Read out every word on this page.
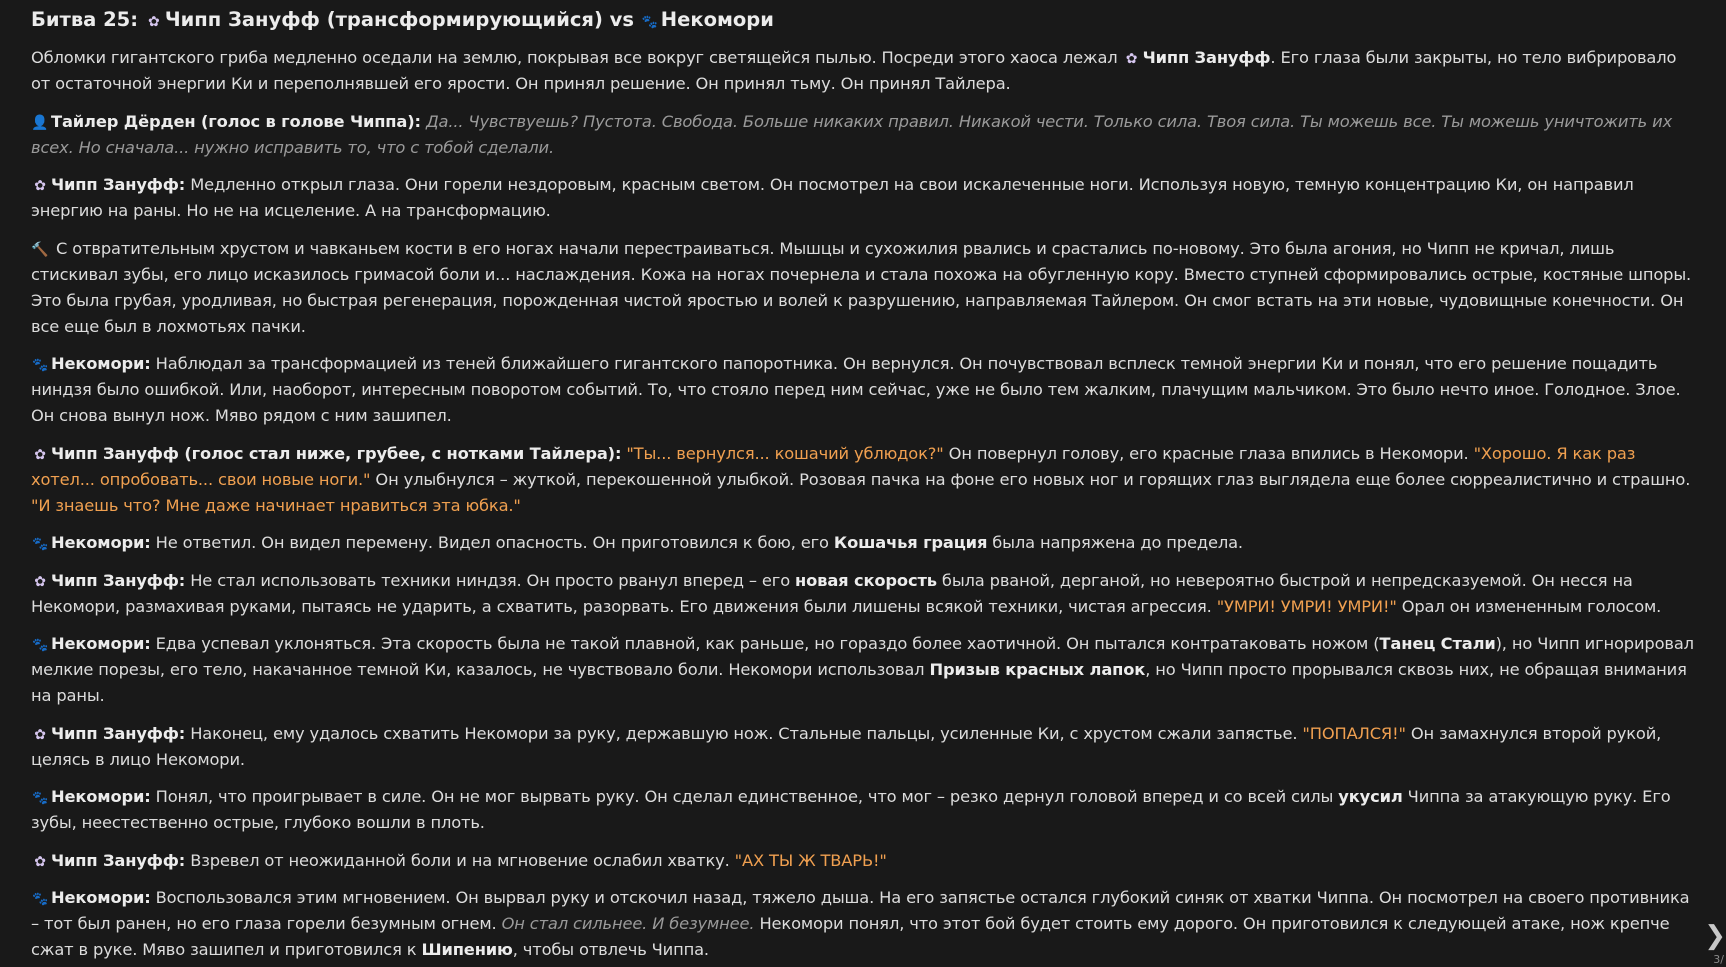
Битва 25: ✿ Чипп Зануфф (трансформирующийся) vs 🐾 Некомори

Обломки гигантского гриба медленно оседали на землю, покрывая все вокруг светящейся пылью. Посреди этого хаоса лежал ✿ Чипп Зануфф. Его глаза были закрыты, но тело вибрировало от остаточной энергии Ки и переполнявшей его ярости. Он принял решение. Он принял тьму. Он принял Тайлера.

👤 Тайлер Дёрден (голос в голове Чиппа): Да... Чувствуешь? Пустота. Свобода. Больше никаких правил. Никакой чести. Только сила. Твоя сила. Ты можешь все. Ты можешь уничтожить их всех. Но сначала... нужно исправить то, что с тобой сделали.

✿ Чипп Зануфф: Медленно открыл глаза. Они горели нездоровым, красным светом. Он посмотрел на свои искалеченные ноги. Используя новую, темную концентрацию Ки, он направил энергию на раны. Но не на исцеление. А на трансформацию.

🔨 С отвратительным хрустом и чавканьем кости в его ногах начали перестраиваться. Мышцы и сухожилия рвались и срастались по-новому. Это была агония, но Чипп не кричал, лишь стискивал зубы, его лицо исказилось гримасой боли и... наслаждения. Кожа на ногах почернела и стала похожа на обугленную кору. Вместо ступней сформировались острые, костяные шпоры. Это была грубая, уродливая, но быстрая регенерация, порожденная чистой яростью и волей к разрушению, направляемая Тайлером. Он смог встать на эти новые, чудовищные конечности. Он все еще был в лохмотьях пачки.

🐾 Некомори: Наблюдал за трансформацией из теней ближайшего гигантского папоротника. Он вернулся. Он почувствовал всплеск темной энергии Ки и понял, что его решение пощадить ниндзя было ошибкой. Или, наоборот, интересным поворотом событий. То, что стояло перед ним сейчас, уже не было тем жалким, плачущим мальчиком. Это было нечто иное. Голодное. Злое. Он снова вынул нож. Мяво рядом с ним зашипел.

✿ Чипп Зануфф (голос стал ниже, грубее, с нотками Тайлера): "Ты... вернулся... кошачий ублюдок?" Он повернул голову, его красные глаза впились в Некомори. "Хорошо. Я как раз хотел... опробовать... свои новые ноги." Он улыбнулся – жуткой, перекошенной улыбкой. Розовая пачка на фоне его новых ног и горящих глаз выглядела еще более сюрреалистично и страшно. "И знаешь что? Мне даже начинает нравиться эта юбка."

🐾 Некомори: Не ответил. Он видел перемену. Видел опасность. Он приготовился к бою, его Кошачья грация была напряжена до предела.

✿ Чипп Зануфф: Не стал использовать техники ниндзя. Он просто рванул вперед – его новая скорость была рваной, дерганой, но невероятно быстрой и непредсказуемой. Он несся на Некомори, размахивая руками, пытаясь не ударить, а схватить, разорвать. Его движения были лишены всякой техники, чистая агрессия. "УМРИ! УМРИ! УМРИ!" Орал он измененным голосом.

🐾 Некомори: Едва успевал уклоняться. Эта скорость была не такой плавной, как раньше, но гораздо более хаотичной. Он пытался контратаковать ножом (Танец Стали), но Чипп игнорировал мелкие порезы, его тело, накачанное темной Ки, казалось, не чувствовало боли. Некомори использовал Призыв красных лапок, но Чипп просто прорывался сквозь них, не обращая внимания на раны.

✿ Чипп Зануфф: Наконец, ему удалось схватить Некомори за руку, державшую нож. Стальные пальцы, усиленные Ки, с хрустом сжали запястье. "ПОПАЛСЯ!" Он замахнулся второй рукой, целясь в лицо Некомори.

🐾 Некомори: Понял, что проигрывает в силе. Он не мог вырвать руку. Он сделал единственное, что мог – резко дернул головой вперед и со всей силы укусил Чиппа за атакующую руку. Его зубы, неестественно острые, глубоко вошли в плоть.

✿ Чипп Зануфф: Взревел от неожиданной боли и на мгновение ослабил хватку. "АХ ТЫ Ж ТВАРЬ!"

🐾 Некомори: Воспользовался этим мгновением. Он вырвал руку и отскочил назад, тяжело дыша. На его запястье остался глубокий синяк от хватки Чиппа. Он посмотрел на своего противника – тот был ранен, но его глаза горели безумным огнем. Он стал сильнее. И безумнее. Некомори понял, что этот бой будет стоить ему дорого. Он приготовился к следующей атаке, нож крепче сжат в руке. Мяво зашипел и приготовился к Шипению, чтобы отвлечь Чиппа.	❯
3/
